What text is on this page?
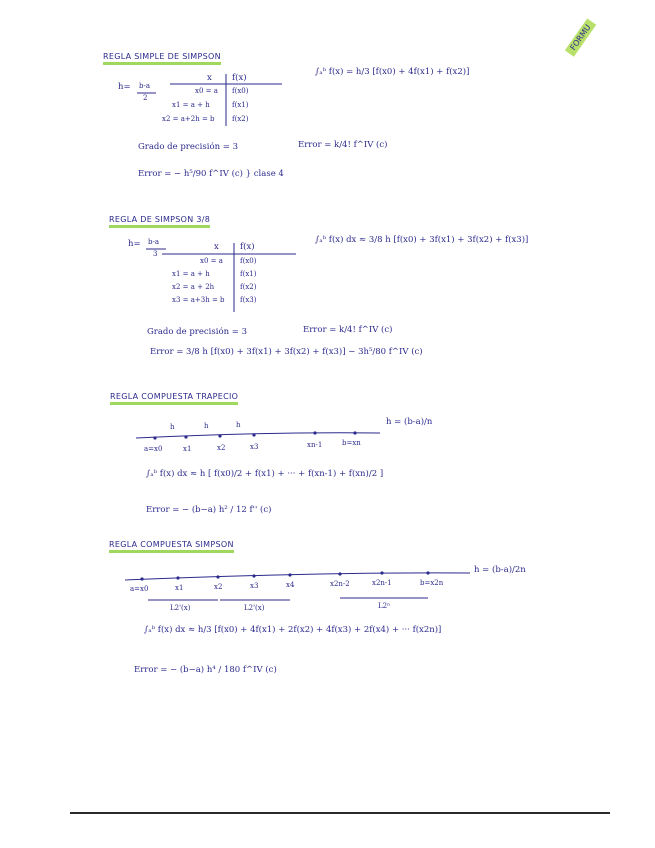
FORMU
REGLA SIMPLE DE SIMPSON
h= b-a
2
x f(x)
x0 = a f(x0)
x1 = a + h	f(x1)
x2 = a+2h = b f(x2)
∫ₐᵇ f(x) = h/3 [f(x0) + 4f(x1) + f(x2)]
Grado de precisión = 3	Error = k/4! f^IV (c)
Error = − h⁵/90 f^IV (c) } clase 4
REGLA DE SIMPSON 3/8
h= b-a
3
x f(x)
x0 = a f(x0)
x1 = a + h	f(x1)
x2 = a + 2h	f(x2)
x3 = a+3h = b f(x3)
∫ₐᵇ f(x) dx ≈ 3/8 h [f(x0) + 3f(x1) + 3f(x2) + f(x3)]
Grado de precisión = 3	Error = k/4! f^IV (c)
Error = 3/8 h [f(x0) + 3f(x1) + 3f(x2) + f(x3)] − 3h⁵/80 f^IV (c)
REGLA COMPUESTA TRAPECIO
h = (b-a)/n
h	h	h
a=x0	x1	x2	x3	xn-1	b=xn
∫ₐᵇ f(x) dx ≈ h [ f(x0)/2 + f(x1) + ··· + f(xn-1) + f(xn)/2 ]
Error = − (b−a) h² / 12 f'' (c)
REGLA COMPUESTA SIMPSON
h = (b-a)/2n
a=x0	x1	x2	x3	x4	x2n-2	x2n-1	b=x2n
L2'(x)	L2'(x)	L2ⁿ
∫ₐᵇ f(x) dx ≈ h/3 [f(x0) + 4f(x1) + 2f(x2) + 4f(x3) + 2f(x4) + ··· f(x2n)]
Error = − (b−a) h⁴ / 180 f^IV (c)
